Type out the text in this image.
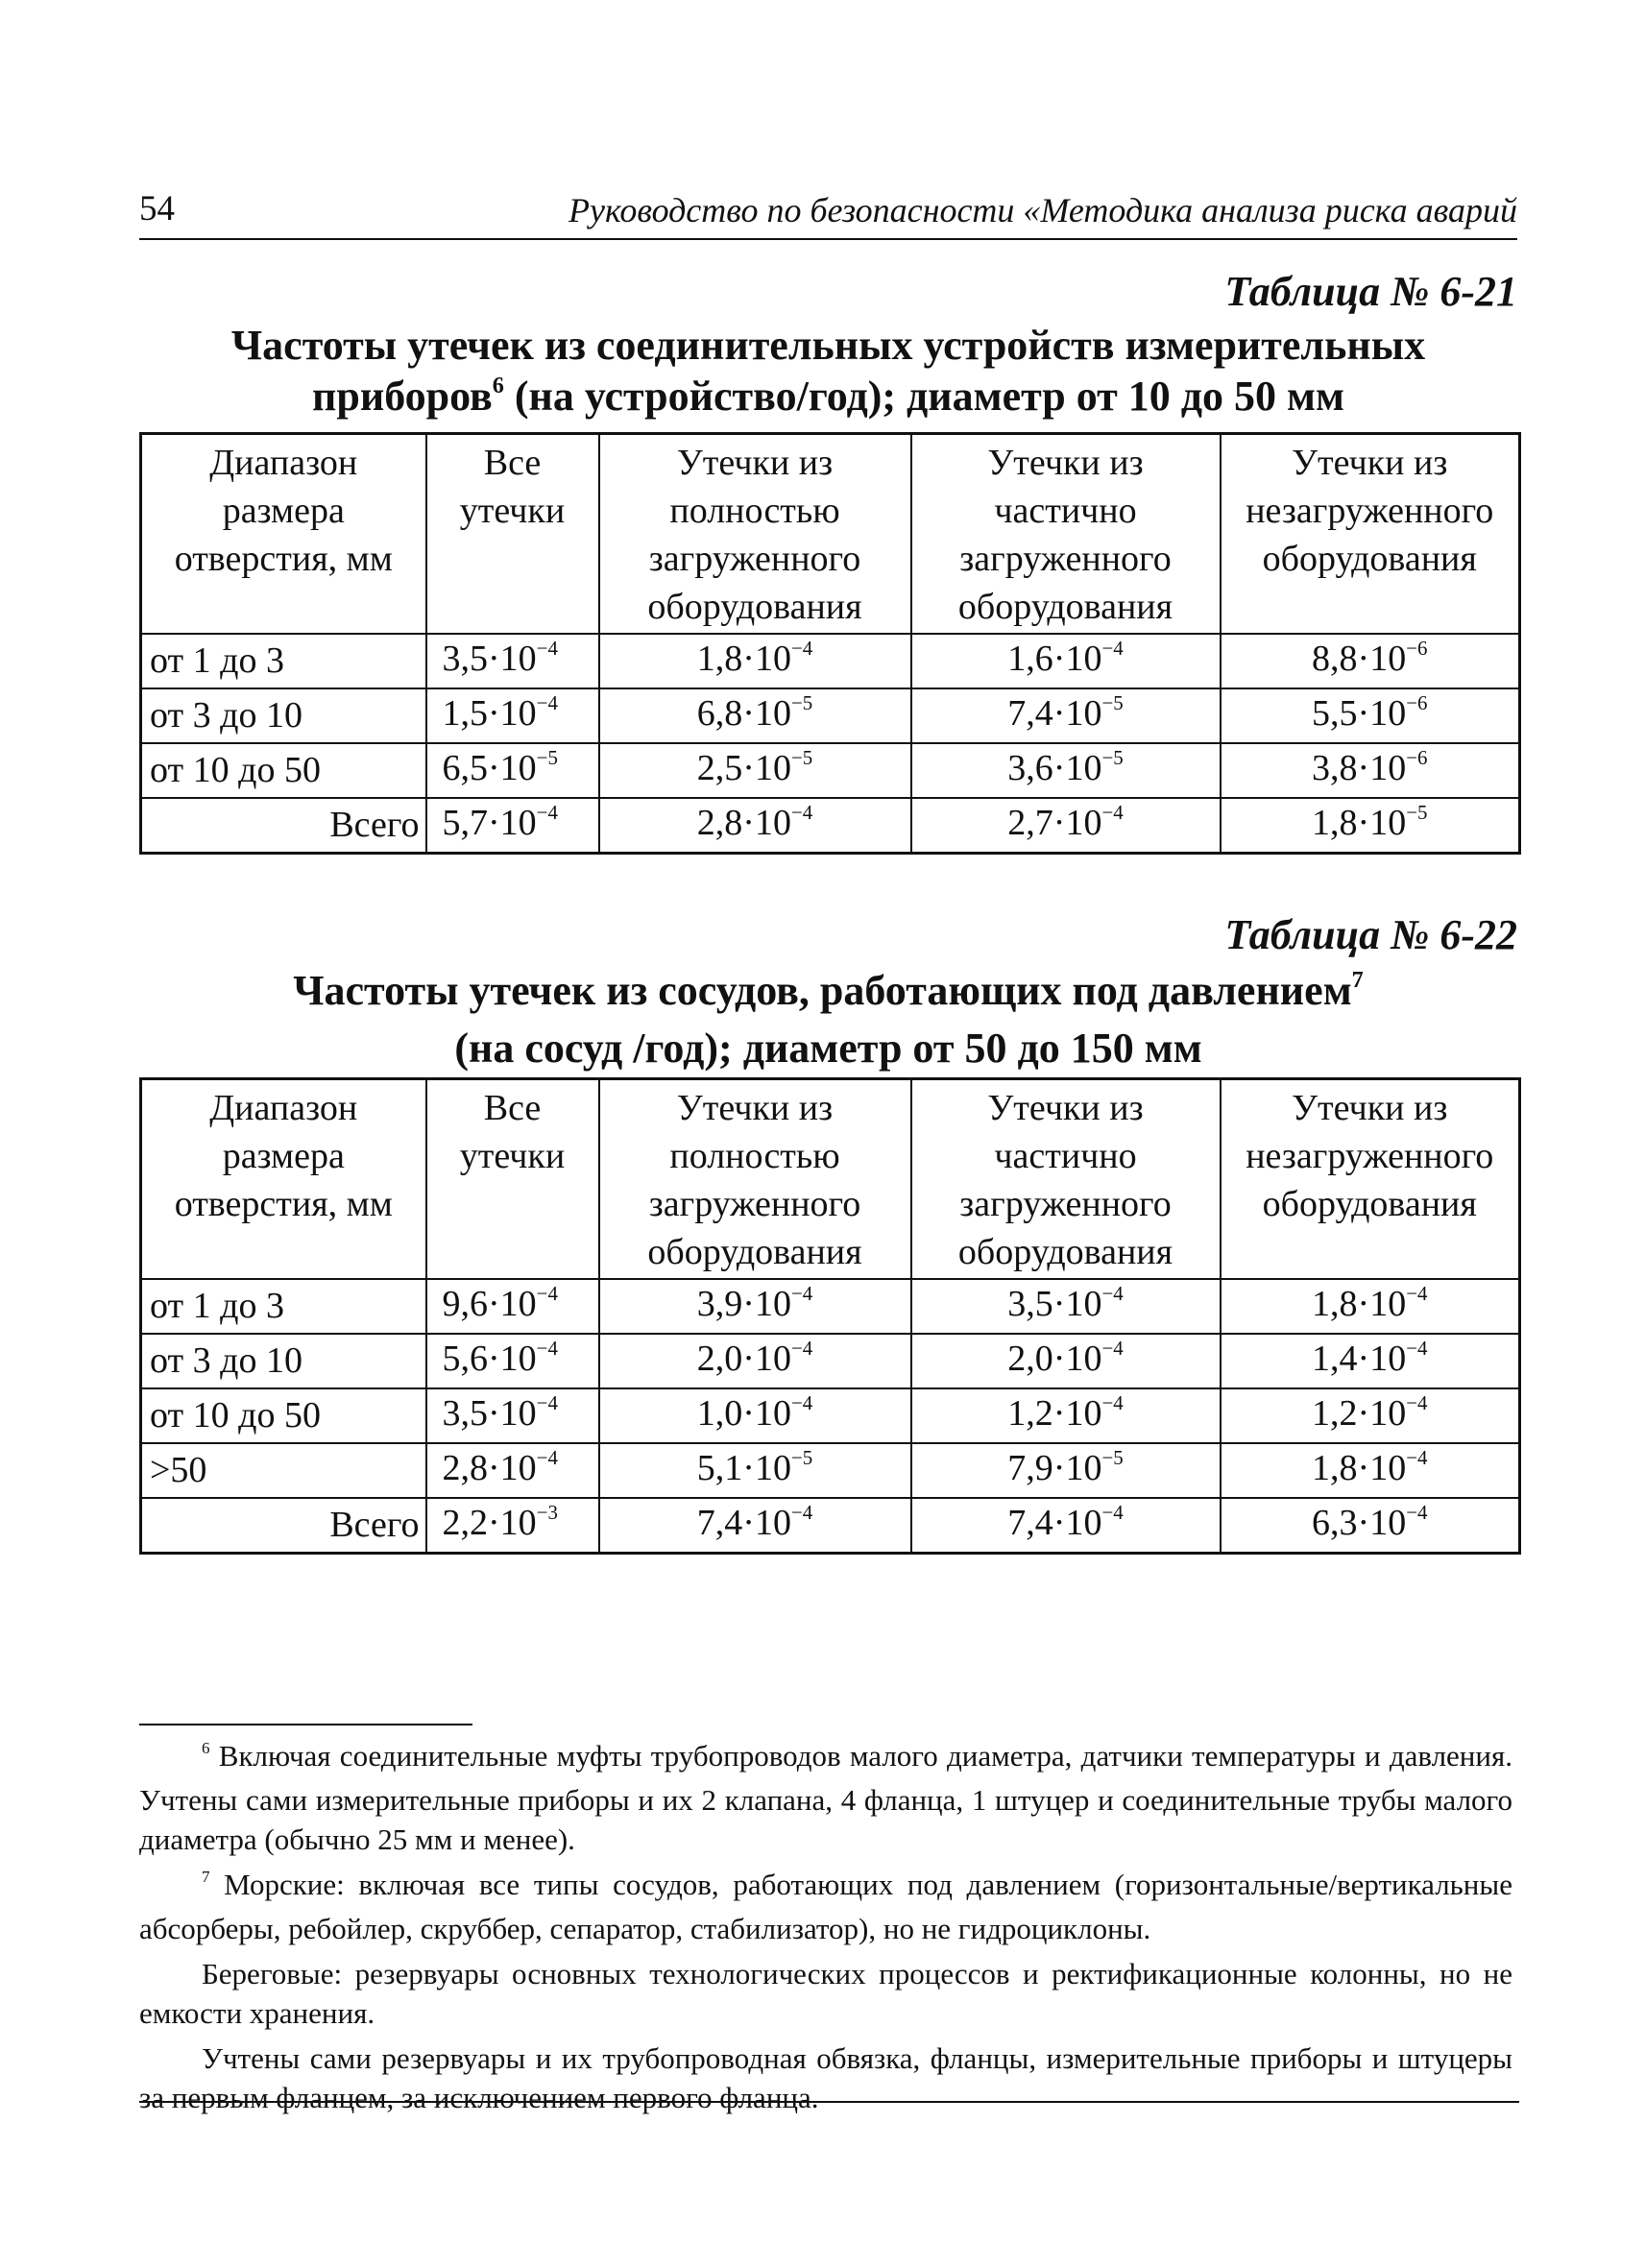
54	Руководство по безопасности «Методика анализа риска аварий
Таблица № 6-21
Частоты утечек из соединительных устройств измерительных
приборов$^6$ (на устройство/год); диаметр от 10 до 50 мм
Диапазон размера отверстия, мм	Все утечки	Утечки из полностью загруженного оборудования	Утечки из частично загруженного оборудования	Утечки из незагруженного оборудования
от 1 до 3	$3,5\cdot 10^{-4}$	$1,8\cdot 10^{-4}$	$1,6\cdot 10^{-4}$	$8,8\cdot 10^{-6}$
от 3 до 10	$1,5\cdot 10^{-4}$	$6,8\cdot 10^{-5}$	$7,4\cdot 10^{-5}$	$5,5\cdot 10^{-6}$
от 10 до 50	$6,5\cdot 10^{-5}$	$2,5\cdot 10^{-5}$	$3,6\cdot 10^{-5}$	$3,8\cdot 10^{-6}$
Всего	$5,7\cdot 10^{-4}$	$2,8\cdot 10^{-4}$	$2,7\cdot 10^{-4}$	$1,8\cdot 10^{-5}$
Таблица № 6-22
Частоты утечек из сосудов, работающих под давлением$^7$
(на сосуд /год); диаметр от 50 до 150 мм
Диапазон размера отверстия, мм	Все утечки	Утечки из полностью загруженного оборудования	Утечки из частично загруженного оборудования	Утечки из незагруженного оборудования
от 1 до 3	$9,6\cdot 10^{-4}$	$3,9\cdot 10^{-4}$	$3,5\cdot 10^{-4}$	$1,8\cdot 10^{-4}$
от 3 до 10	$5,6\cdot 10^{-4}$	$2,0\cdot 10^{-4}$	$2,0\cdot 10^{-4}$	$1,4\cdot 10^{-4}$
от 10 до 50	$3,5\cdot 10^{-4}$	$1,0\cdot 10^{-4}$	$1,2\cdot 10^{-4}$	$1,2\cdot 10^{-4}$
>50	$2,8\cdot 10^{-4}$	$5,1\cdot 10^{-5}$	$7,9\cdot 10^{-5}$	$1,8\cdot 10^{-4}$
Всего	$2,2\cdot 10^{-3}$	$7,4\cdot 10^{-4}$	$7,4\cdot 10^{-4}$	$6,3\cdot 10^{-4}$

$^6$ Включая соединительные муфты трубопроводов малого диаметра, датчики температуры и давления. Учтены сами измерительные приборы и их 2 клапана, 4 фланца, 1 штуцер и соединительные трубы малого диаметра (обычно 25 мм и менее).

$^7$ Морские: включая все типы сосудов, работающих под давлением (горизонтальные/вертикальные абсорберы, ребойлер, скруббер, сепаратор, стабилизатор), но не гидроциклоны.

Береговые: резервуары основных технологических процессов и ректификационные колонны, но не емкости хранения.

Учтены сами резервуары и их трубопроводная обвязка, фланцы, измерительные приборы и штуцеры за первым фланцем, за исключением первого фланца.
